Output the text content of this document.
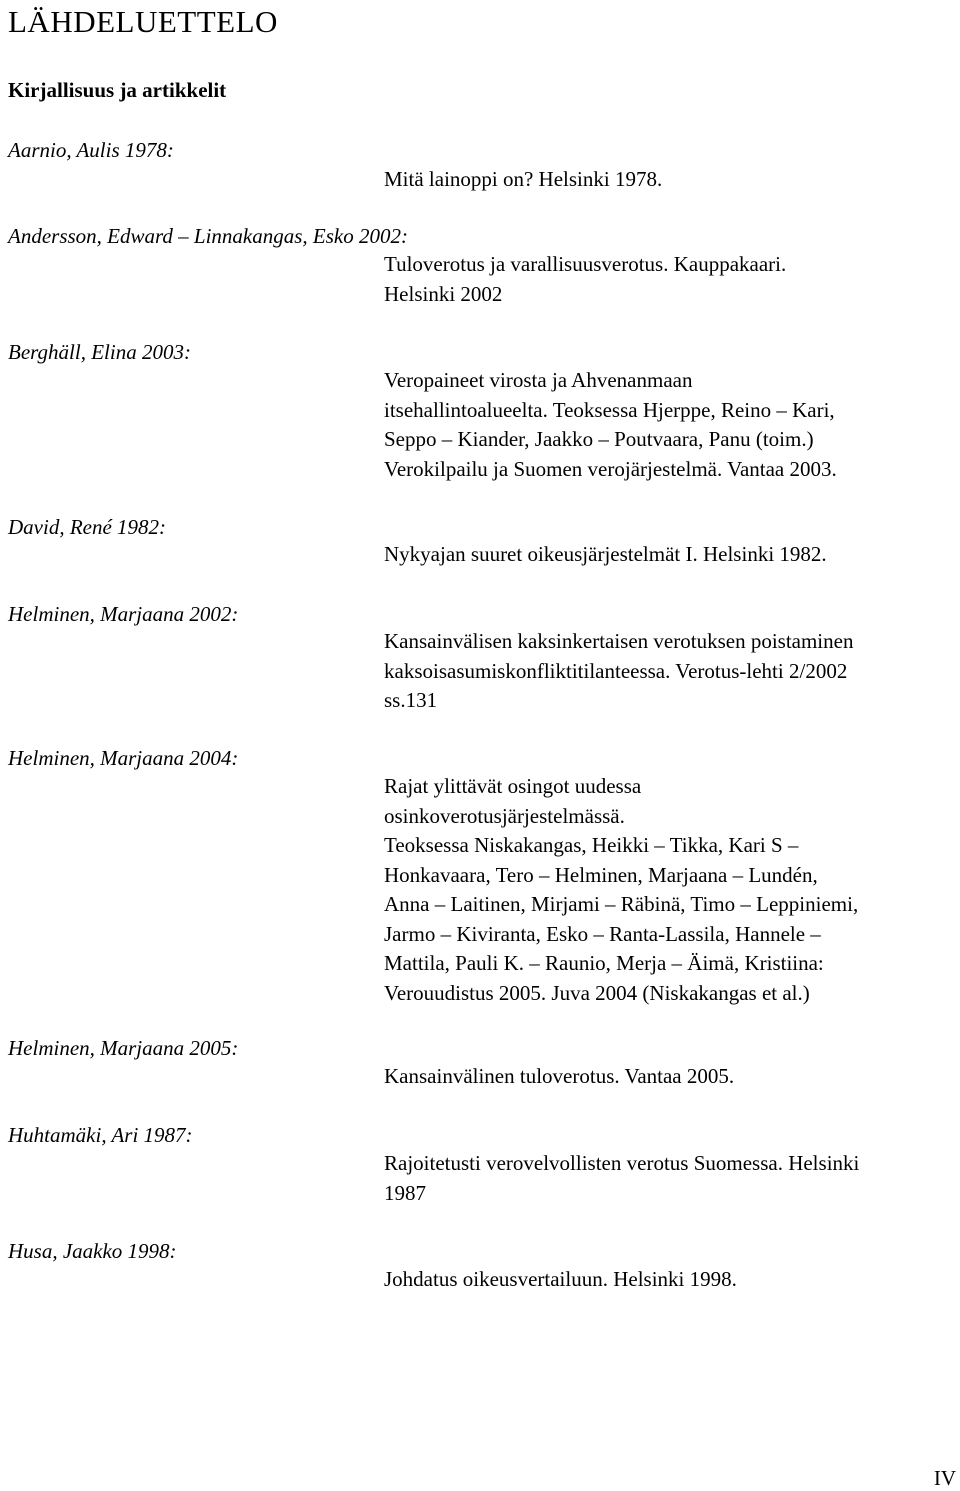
LÄHDELUETTELO
Kirjallisuus ja artikkelit
Aarnio, Aulis 1978:
Mitä lainoppi on? Helsinki 1978.
Andersson, Edward – Linnakangas, Esko 2002:
Tuloverotus ja varallisuusverotus. Kauppakaari.
Helsinki 2002
Berghäll, Elina 2003:
Veropaineet virosta ja Ahvenanmaan
itsehallintoalueelta. Teoksessa Hjerppe, Reino – Kari,
Seppo – Kiander, Jaakko – Poutvaara, Panu (toim.)
Verokilpailu ja Suomen verojärjestelmä. Vantaa 2003.
David, René 1982:
Nykyajan suuret oikeusjärjestelmät I. Helsinki 1982.
Helminen, Marjaana 2002:
Kansainvälisen kaksinkertaisen verotuksen poistaminen
kaksoisasumiskonfliktitilanteessa. Verotus-lehti 2/2002
ss.131
Helminen, Marjaana 2004:
Rajat ylittävät osingot uudessa
osinkoverotusjärjestelmässä.
Teoksessa Niskakangas, Heikki – Tikka, Kari S –
Honkavaara, Tero – Helminen, Marjaana – Lundén,
Anna – Laitinen, Mirjami – Räbinä, Timo – Leppiniemi,
Jarmo – Kiviranta, Esko – Ranta-Lassila, Hannele –
Mattila, Pauli K. – Raunio, Merja – Äimä, Kristiina:
Verouudistus 2005. Juva 2004 (Niskakangas et al.)
Helminen, Marjaana 2005:
Kansainvälinen tuloverotus. Vantaa 2005.
Huhtamäki, Ari 1987:
Rajoitetusti verovelvollisten verotus Suomessa. Helsinki
1987
Husa, Jaakko 1998:
Johdatus oikeusvertailuun. Helsinki 1998.
IV
